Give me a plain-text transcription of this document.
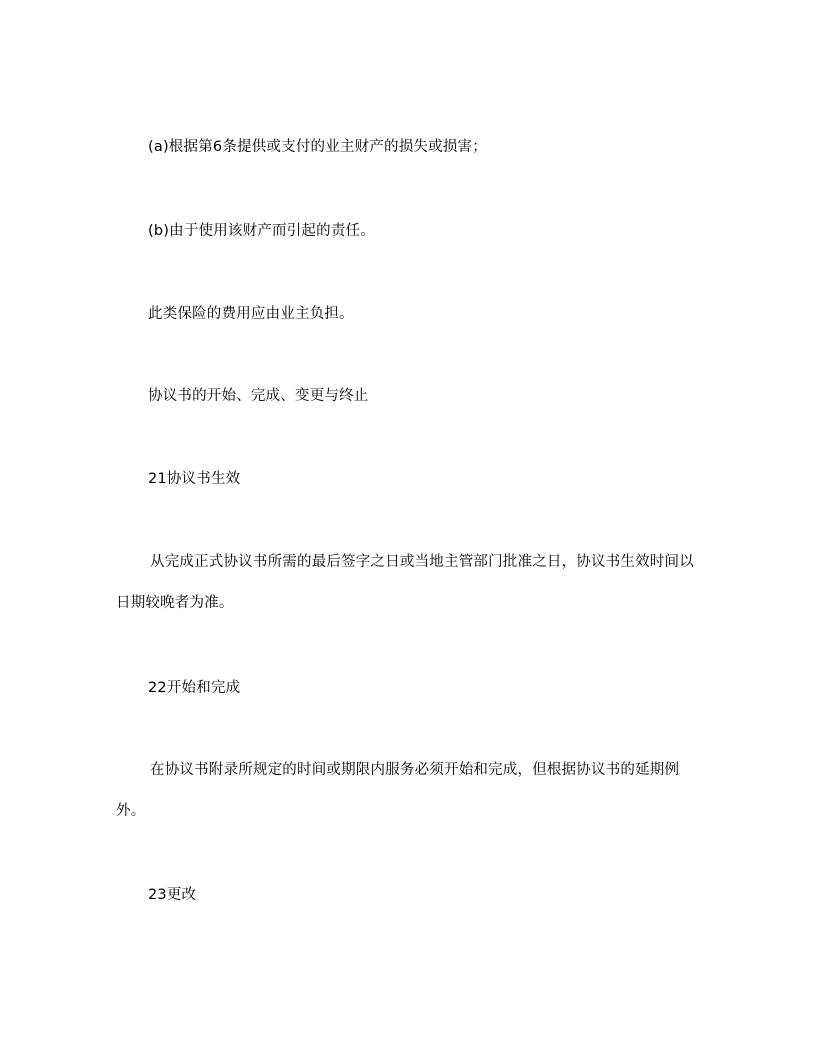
(a)根据第6条提供或支付的业主财产的损失或损害；

(b)由于使用该财产而引起的责任。

此类保险的费用应由业主负担。

协议书的开始、完成、变更与终止

21协议书生效

从完成正式协议书所需的最后签字之日或当地主管部门批准之日，协议书生效时间以日期较晚者为准。

22开始和完成

在协议书附录所规定的时间或期限内服务必须开始和完成，但根据协议书的延期例外。

23更改
